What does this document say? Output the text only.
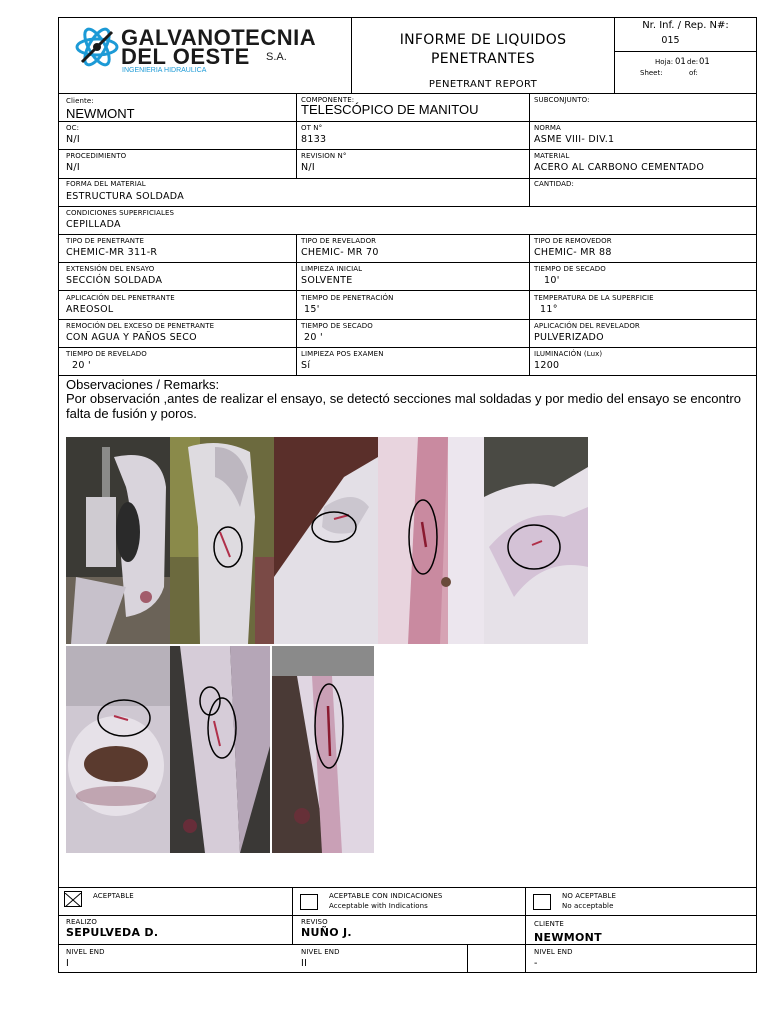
GALVANOTECNIA
DEL OESTE S.A.
INGENIERIA HIDRAULICA
INFORME DE LIQUIDOS
PENETRANTES
PENETRANT REPORT
Nr. Inf. / Rep. N#:
015
Hoja: 01 de: 01
Sheet:	of:
Cliente:
NEWMONT
COMPONENTE:
TELESCÓPICO DE MANITOU
SUBCONJUNTO:
OC:
N/I
OT N°
8133
NORMA
ASME VIII- DIV.1
PROCEDIMIENTO
N/I
REVISION N°
N/I
MATERIAL
ACERO AL CARBONO CEMENTADO
FORMA DEL MATERIAL
ESTRUCTURA SOLDADA
CANTIDAD:
CONDICIONES SUPERFICIALES
CEPILLADA
TIPO DE PENETRANTE
CHEMIC-MR 311-R
TIPO DE REVELADOR
CHEMIC- MR 70
TIPO DE REMOVEDOR
CHEMIC- MR 88
EXTENSIÓN DEL ENSAYO
SECCIÓN SOLDADA
LIMPIEZA INICIAL
SOLVENTE
TIEMPO DE SECADO
10'
APLICACIÓN DEL PENETRANTE
AREOSOL
TIEMPO DE PENETRACIÓN
15'
TEMPERATURA DE LA SUPERFICIE
11°
REMOCIÓN DEL EXCESO DE PENETRANTE
CON AGUA Y PAÑOS SECO
TIEMPO DE SECADO
20 '
APLICACIÓN DEL REVELADOR
PULVERIZADO
TIEMPO DE REVELADO
20 '
LIMPIEZA POS EXAMEN
Sí
ILUMINACIÓN (Lux)
1200
Observaciones / Remarks:
Por observación ,antes de realizar el ensayo, se detectó secciones mal soldadas y por medio del ensayo se encontro falta de fusión y poros.
ACEPTABLE	ACEPTABLE CON INDICACIONES
Acceptable with Indications
NO ACEPTABLE
No acceptable
REALIZO
SEPULVEDA D.
REVISO
NUÑO J.
CLIENTE
NEWMONT
NIVEL END
I
NIVEL END
II
NIVEL END
-
